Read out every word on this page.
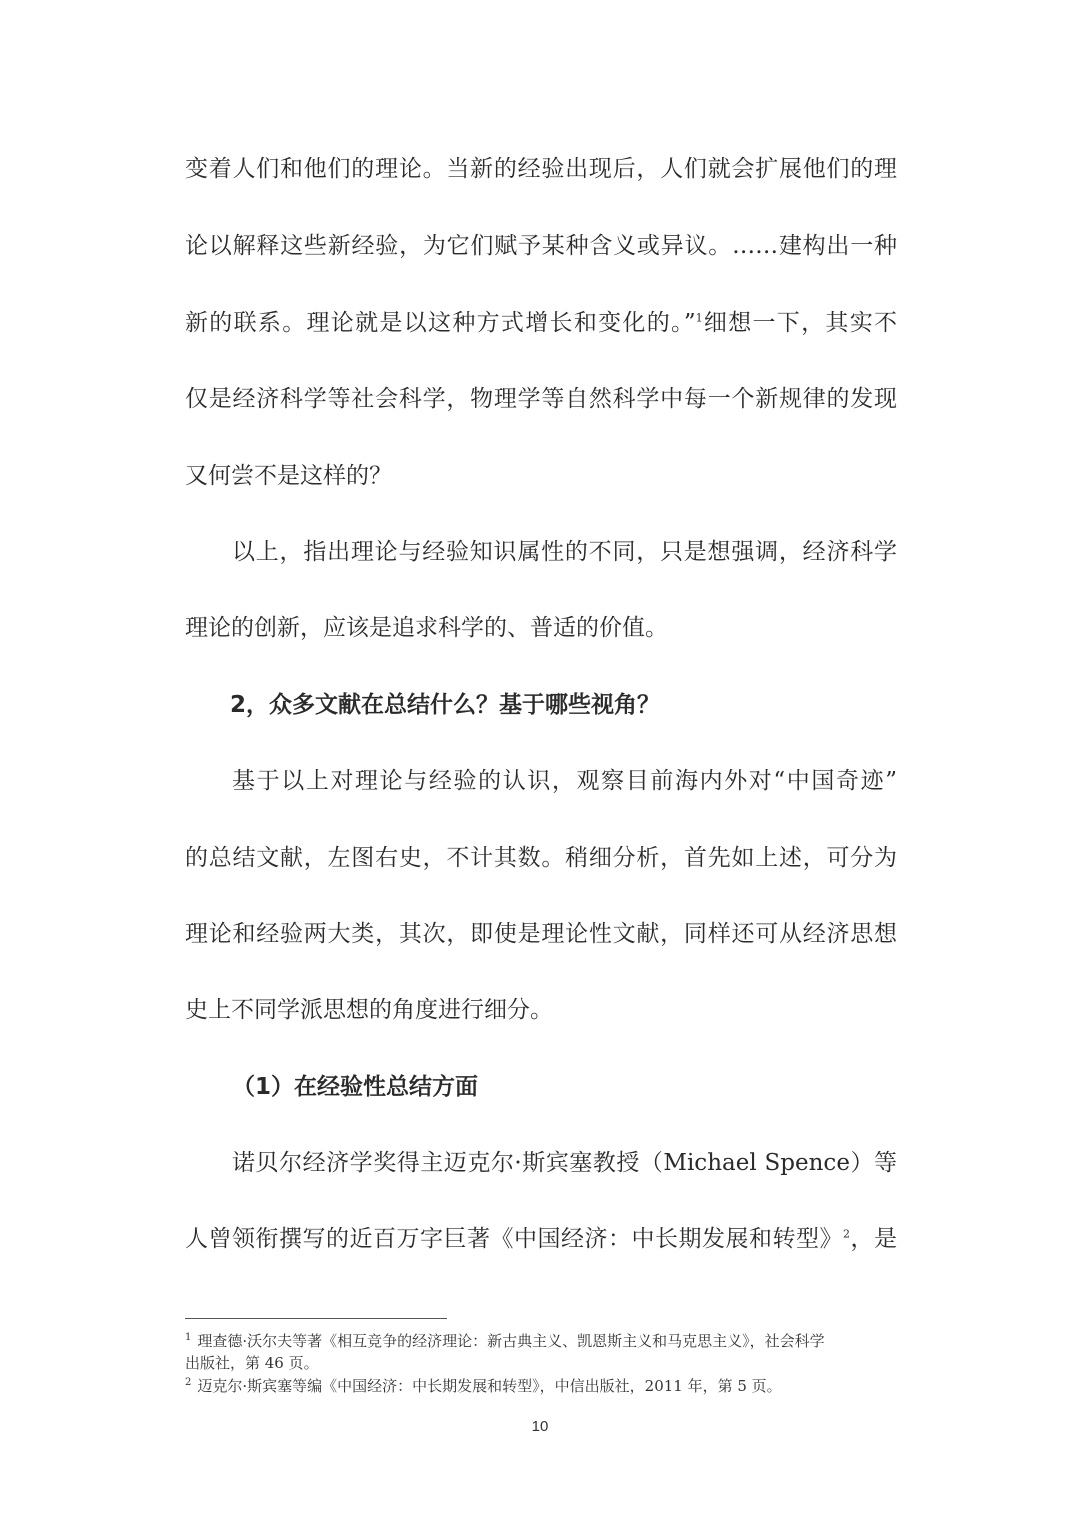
变着人们和他们的理论。当新的经验出现后，人们就会扩展他们的理
论以解释这些新经验，为它们赋予某种含义或异议。……建构出一种
新的联系。理论就是以这种方式增长和变化的。”$^1$细想一下，其实不
仅是经济科学等社会科学，物理学等自然科学中每一个新规律的发现
又何尝不是这样的？
以上，指出理论与经验知识属性的不同，只是想强调，经济科学
理论的创新，应该是追求科学的、普适的价值。
2，众多文献在总结什么？基于哪些视角？
基于以上对理论与经验的认识，观察目前海内外对“中国奇迹”
的总结文献，左图右史，不计其数。稍细分析，首先如上述，可分为
理论和经验两大类，其次，即使是理论性文献，同样还可从经济思想
史上不同学派思想的角度进行细分。
（1）在经验性总结方面
诺贝尔经济学奖得主迈克尔·斯宾塞教授（Michael Spence）等
人曾领衔撰写的近百万字巨著《中国经济：中长期发展和转型》$^2$，是
$^1$ 理查德·沃尔夫等著《相互竞争的经济理论：新古典主义、凯恩斯主义和马克思主义》，社会科学
出版社，第 46 页。
$^2$ 迈克尔·斯宾塞等编《中国经济：中长期发展和转型》，中信出版社，2011 年，第 5 页。
10
